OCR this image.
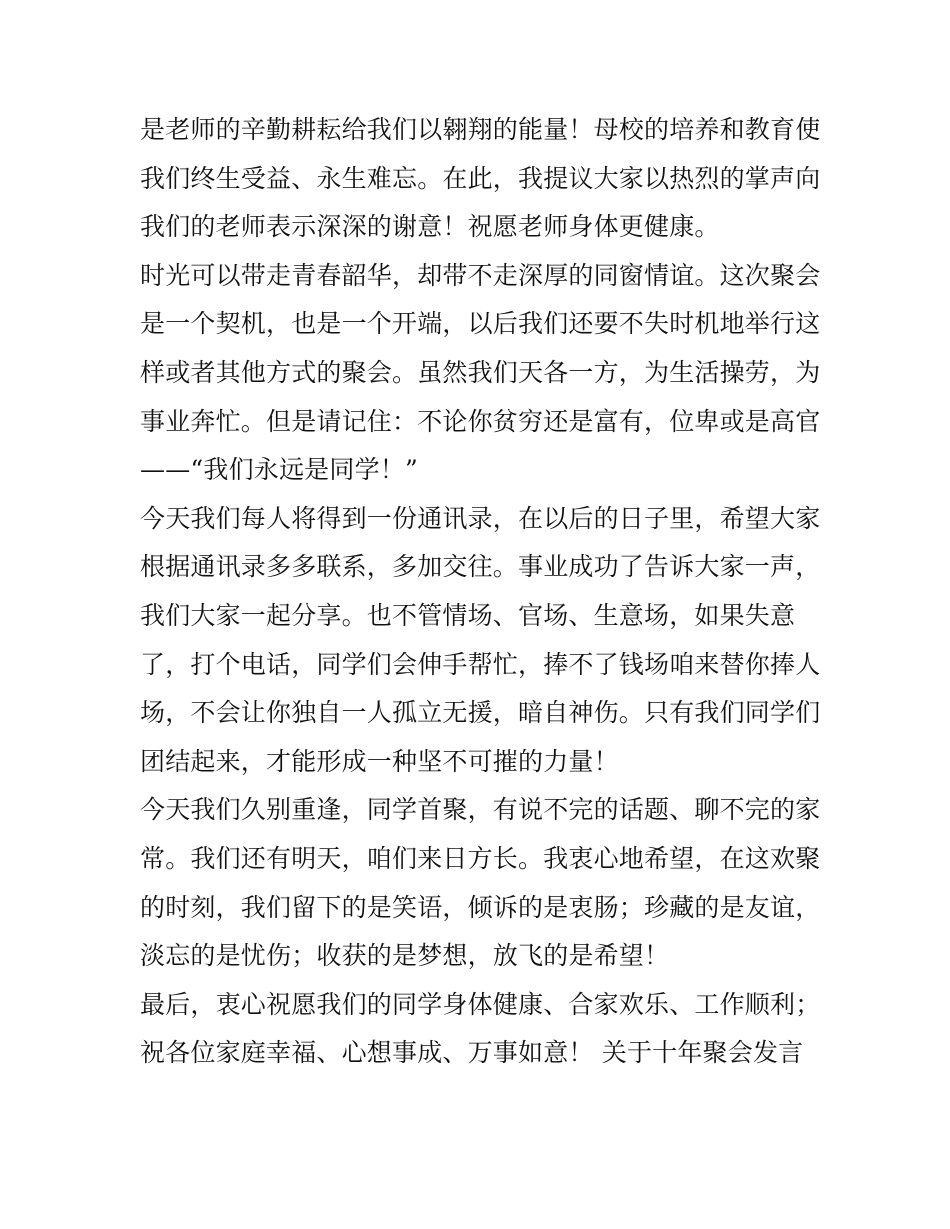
是老师的辛勤耕耘给我们以翱翔的能量！母校的培养和教育使
我们终生受益、永生难忘。在此，我提议大家以热烈的掌声向
我们的老师表示深深的谢意！祝愿老师身体更健康。
时光可以带走青春韶华，却带不走深厚的同窗情谊。这次聚会
是一个契机，也是一个开端，以后我们还要不失时机地举行这
样或者其他方式的聚会。虽然我们天各一方，为生活操劳，为
事业奔忙。但是请记住：不论你贫穷还是富有，位卑或是高官
——“我们永远是同学！”
今天我们每人将得到一份通讯录，在以后的日子里，希望大家
根据通讯录多多联系，多加交往。事业成功了告诉大家一声，
我们大家一起分享。也不管情场、官场、生意场，如果失意
了，打个电话，同学们会伸手帮忙，捧不了钱场咱来替你捧人
场，不会让你独自一人孤立无援，暗自神伤。只有我们同学们
团结起来，才能形成一种坚不可摧的力量！
今天我们久别重逢，同学首聚，有说不完的话题、聊不完的家
常。我们还有明天，咱们来日方长。我衷心地希望，在这欢聚
的时刻，我们留下的是笑语，倾诉的是衷肠；珍藏的是友谊，
淡忘的是忧伤；收获的是梦想，放飞的是希望！
最后，衷心祝愿我们的同学身体健康、合家欢乐、工作顺利；
祝各位家庭幸福、心想事成、万事如意！ 关于十年聚会发言
